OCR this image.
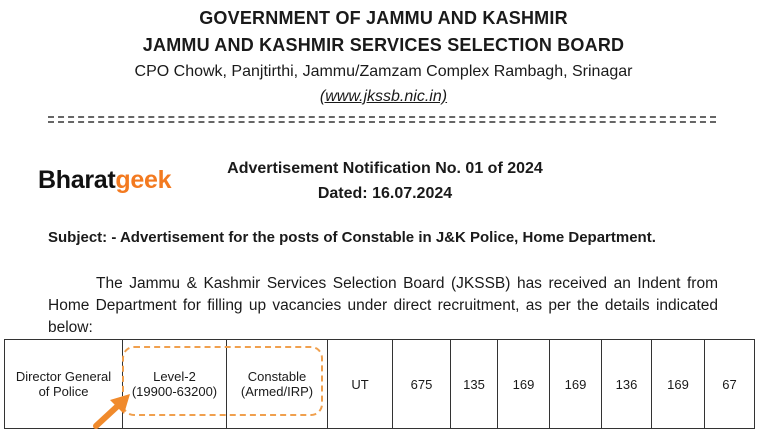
GOVERNMENT OF JAMMU AND KASHMIR
JAMMU AND KASHMIR SERVICES SELECTION BOARD
CPO Chowk, Panjtirthi, Jammu/Zamzam Complex Rambagh, Srinagar
(www.jkssb.nic.in)
Bharatgeek	Advertisement Notification No. 01 of 2024
Dated: 16.07.2024
Subject: - Advertisement for the posts of Constable in J&K Police, Home Department.
The Jammu & Kashmir Services Selection Board (JKSSB) has received an Indent from Home Department for filling up vacancies under direct recruitment, as per the details indicated below:
Director General
of Police

Level-2
(19900-63200)

Constable
(Armed/IRP)	UT	675	135	169	169	136	169	67
